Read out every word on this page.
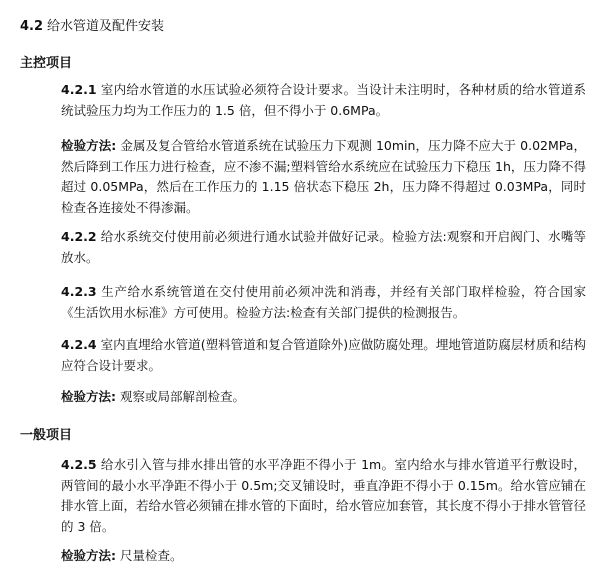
4.2 给水管道及配件安装
主控项目
4.2.1 室内给水管道的水压试验必须符合设计要求。当设计未注明时，各种材质的给水管道系统试验压力均为工作压力的 1.5 倍，但不得小于 0.6MPa。
检验方法: 金属及复合管给水管道系统在试验压力下观测 10min，压力降不应大于 0.02MPa，然后降到工作压力进行检查，应不渗不漏;塑料管给水系统应在试验压力下稳压 1h，压力降不得超过 0.05MPa，然后在工作压力的 1.15 倍状态下稳压 2h，压力降不得超过 0.03MPa，同时检查各连接处不得渗漏。
4.2.2 给水系统交付使用前必须进行通水试验并做好记录。检验方法:观察和开启阀门、水嘴等放水。
4.2.3 生产给水系统管道在交付使用前必须冲洗和消毒，并经有关部门取样检验，符合国家《生活饮用水标准》方可使用。检验方法:检查有关部门提供的检测报告。
4.2.4 室内直埋给水管道(塑料管道和复合管道除外)应做防腐处理。埋地管道防腐层材质和结构应符合设计要求。
检验方法: 观察或局部解剖检查。
一般项目
4.2.5 给水引入管与排水排出管的水平净距不得小于 1m。室内给水与排水管道平行敷设时，两管间的最小水平净距不得小于 0.5m;交叉铺设时，垂直净距不得小于 0.15m。给水管应铺在排水管上面，若给水管必须铺在排水管的下面时，给水管应加套管，其长度不得小于排水管管径的 3 倍。
检验方法: 尺量检查。
